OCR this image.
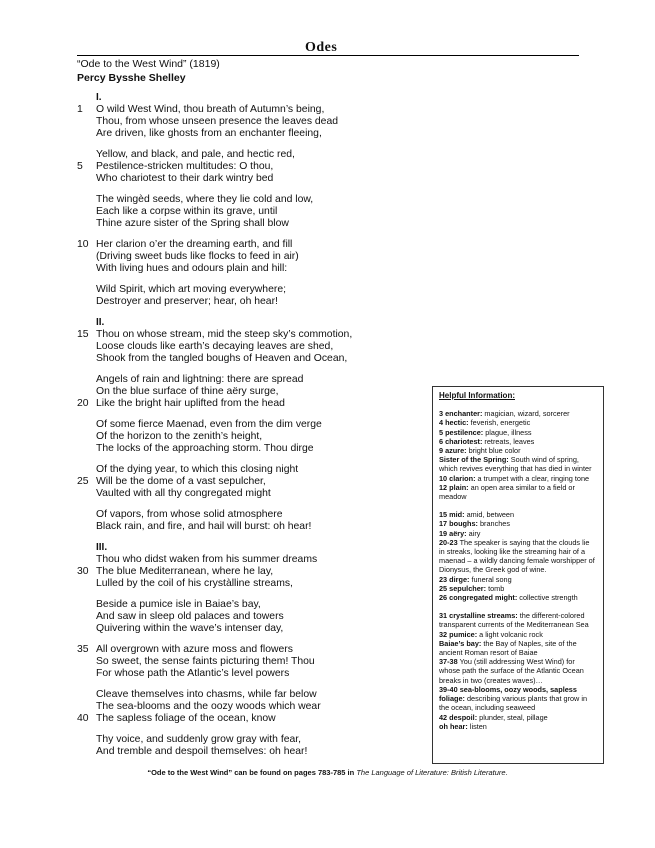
Odes
“Ode to the West Wind” (1819)
Percy Bysshe Shelley
I.
1	O wild West Wind, thou breath of Autumn’s being,
Thou, from whose unseen presence the leaves dead
Are driven, like ghosts from an enchanter fleeing,
Yellow, and black, and pale, and hectic red,
5	Pestilence-stricken multitudes: O thou,
Who chariotest to their dark wintry bed
The wingèd seeds, where they lie cold and low,
Each like a corpse within its grave, until
Thine azure sister of the Spring shall blow
10 Her clarion o’er the dreaming earth, and fill
(Driving sweet buds like flocks to feed in air)
With living hues and odours plain and hill:
Wild Spirit, which art moving everywhere;
Destroyer and preserver; hear, oh hear!
II.
15 Thou on whose stream, mid the steep sky’s commotion,
Loose clouds like earth’s decaying leaves are shed,
Shook from the tangled boughs of Heaven and Ocean,
Angels of rain and lightning: there are spread
On the blue surface of thine aëry surge,
20 Like the bright hair uplifted from the head
Of some fierce Maenad, even from the dim verge
Of the horizon to the zenith’s height,
The locks of the approaching storm. Thou dirge
Of the dying year, to which this closing night
25 Will be the dome of a vast sepulcher,
Vaulted with all thy congregated might
Of vapors, from whose solid atmosphere
Black rain, and fire, and hail will burst: oh hear!
III.
Thou who didst waken from his summer dreams
30 The blue Mediterranean, where he lay,
Lulled by the coil of his crystàlline streams,
Beside a pumice isle in Baiae’s bay,
And saw in sleep old palaces and towers
Quivering within the wave’s intenser day,
35 All overgrown with azure moss and flowers
So sweet, the sense faints picturing them! Thou
For whose path the Atlantic’s level powers
Cleave themselves into chasms, while far below
The sea-blooms and the oozy woods which wear
40 The sapless foliage of the ocean, know
Thy voice, and suddenly grow gray with fear,
And tremble and despoil themselves: oh hear!
Helpful Information:
3 enchanter: magician, wizard, sorcerer
4 hectic: feverish, energetic
5 pestilence: plague, illness
6 chariotest: retreats, leaves
9 azure: bright blue color
Sister of the Spring: South wind of spring, which revives everything that has died in winter
10 clarion: a trumpet with a clear, ringing tone
12 plain: an open area similar to a field or meadow
15 mid: amid, between
17 boughs: branches
19 aëry: airy
20-23 The speaker is saying that the clouds lie in streaks, looking like the streaming hair of a maenad – a wildly dancing female worshipper of Dionysus, the Greek god of wine.
23 dirge: funeral song
25 sepulcher: tomb
26 congregated might: collective strength
31 crystalline streams: the different-colored transparent currents of the Mediterranean Sea
32 pumice: a light volcanic rock
Baiae’s bay: the Bay of Naples, site of the ancient Roman resort of Baiae
37-38 You (still addressing West Wind) for whose path the surface of the Atlantic Ocean breaks in two (creates waves)…
39-40 sea-blooms, oozy woods, sapless foliage: describing various plants that grow in the ocean, including seaweed
42 despoil: plunder, steal, pillage
oh hear: listen
“Ode to the West Wind” can be found on pages 783-785 in The Language of Literature: British Literature.
